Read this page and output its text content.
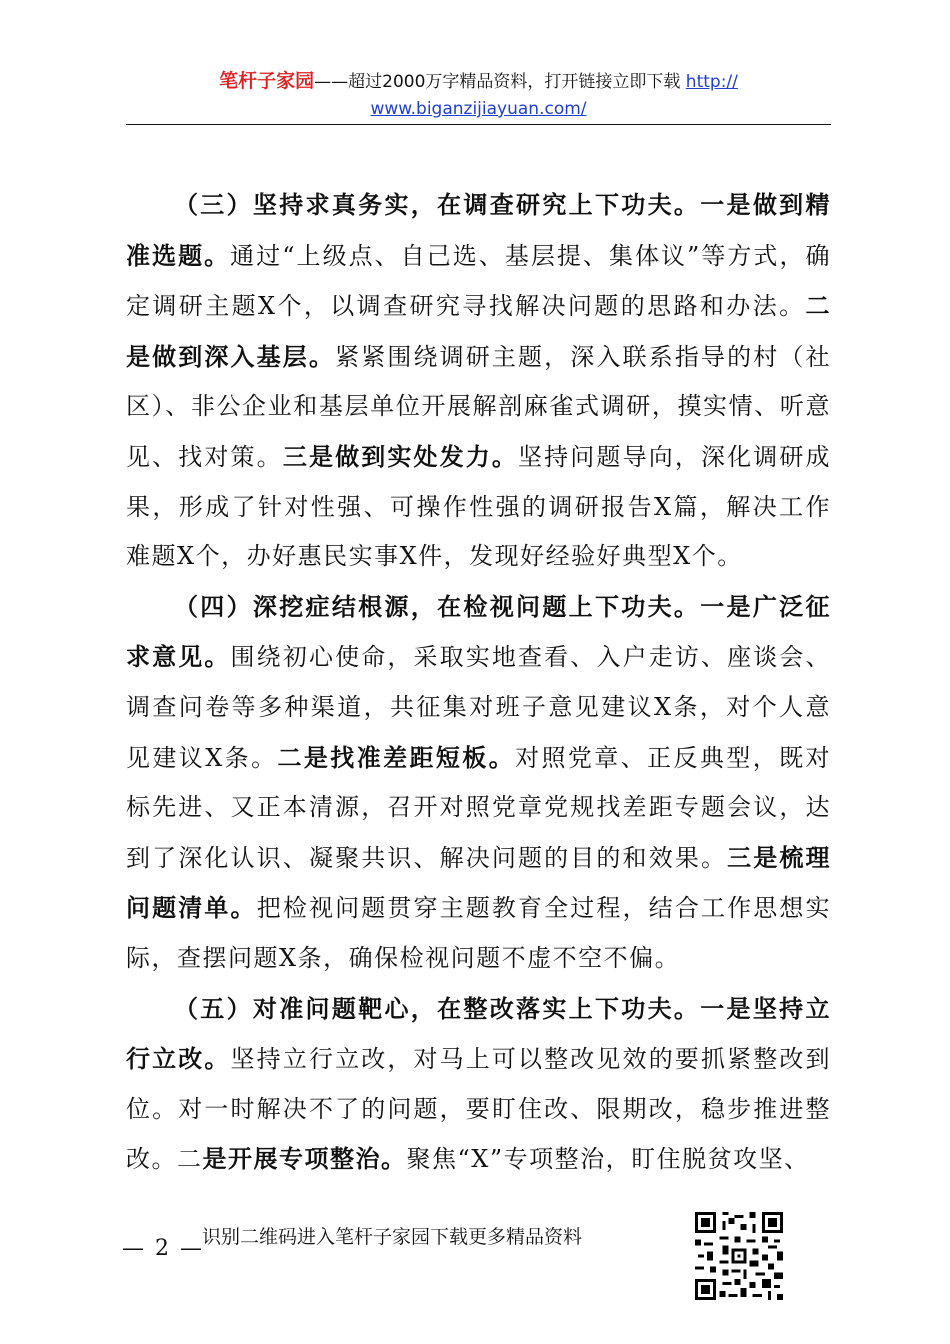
笔杆子家园——超过2000万字精品资料，打开链接立即下载 http://
www.biganzijiayuan.com/

（三）坚持求真务实，在调查研究上下功夫。一是做到精准选题。通过“上级点、自己选、基层提、集体议”等方式，确定调研主题X个，以调查研究寻找解决问题的思路和办法。二是做到深入基层。紧紧围绕调研主题，深入联系指导的村（社区）、非公企业和基层单位开展解剖麻雀式调研，摸实情、听意见、找对策。三是做到实处发力。坚持问题导向，深化调研成果，形成了针对性强、可操作性强的调研报告X篇，解决工作难题X个，办好惠民实事X件，发现好经验好典型X个。

（四）深挖症结根源，在检视问题上下功夫。一是广泛征求意见。围绕初心使命，采取实地查看、入户走访、座谈会、调查问卷等多种渠道，共征集对班子意见建议X条，对个人意见建议X条。二是找准差距短板。对照党章、正反典型，既对标先进、又正本清源，召开对照党章党规找差距专题会议，达到了深化认识、凝聚共识、解决问题的目的和效果。三是梳理问题清单。把检视问题贯穿主题教育全过程，结合工作思想实际，查摆问题X条，确保检视问题不虚不空不偏。

（五）对准问题靶心，在整改落实上下功夫。一是坚持立行立改。坚持立行立改，对马上可以整改见效的要抓紧整改到位。对一时解决不了的问题，要盯住改、限期改，稳步推进整改。二是开展专项整治。聚焦“X”专项整治，盯住脱贫攻坚、

— 2 —
识别二维码进入笔杆子家园下载更多精品资料
